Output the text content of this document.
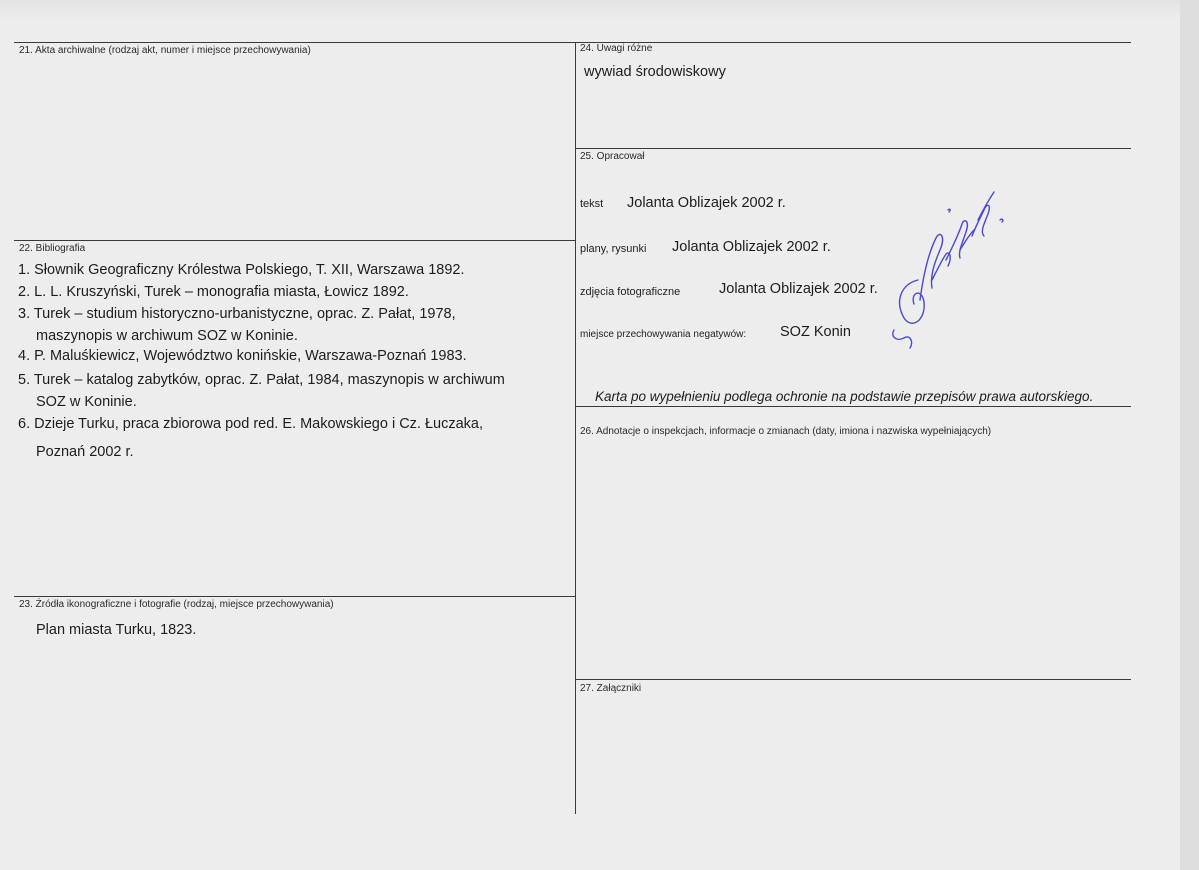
21. Akta archiwalne (rodzaj akt, numer i miejsce przechowywania)
22. Bibliografia
1. Słownik Geograficzny Królestwa Polskiego, T. XII, Warszawa 1892.
2. L. L. Kruszyński, Turek – monografia miasta, Łowicz 1892.
3. Turek – studium historyczno-urbanistyczne, oprac. Z. Pałat, 1978,
maszynopis w archiwum SOZ w Koninie.
4. P. Maluśkiewicz, Województwo konińskie, Warszawa-Poznań 1983.
5. Turek – katalog zabytków, oprac. Z. Pałat, 1984, maszynopis w archiwum
SOZ w Koninie.
6. Dzieje Turku, praca zbiorowa pod red. E. Makowskiego i Cz. Łuczaka,
Poznań 2002 r.
23. Źródła ikonograficzne i fotografie (rodzaj, miejsce przechowywania)
Plan miasta Turku, 1823.
24. Uwagi różne
wywiad środowiskowy
25. Opracował
tekst Jolanta Oblizajek 2002 r.
plany, rysunki Jolanta Oblizajek 2002 r.
zdjęcia fotograficzne	Jolanta Oblizajek 2002 r.
miejsce przechowywania negatywów: SOZ Konin
Karta po wypełnieniu podlega ochronie na podstawie przepisów prawa autorskiego.
26. Adnotacje o inspekcjach, informacje o zmianach (daty, imiona i nazwiska wypełniających)
27. Załączniki
